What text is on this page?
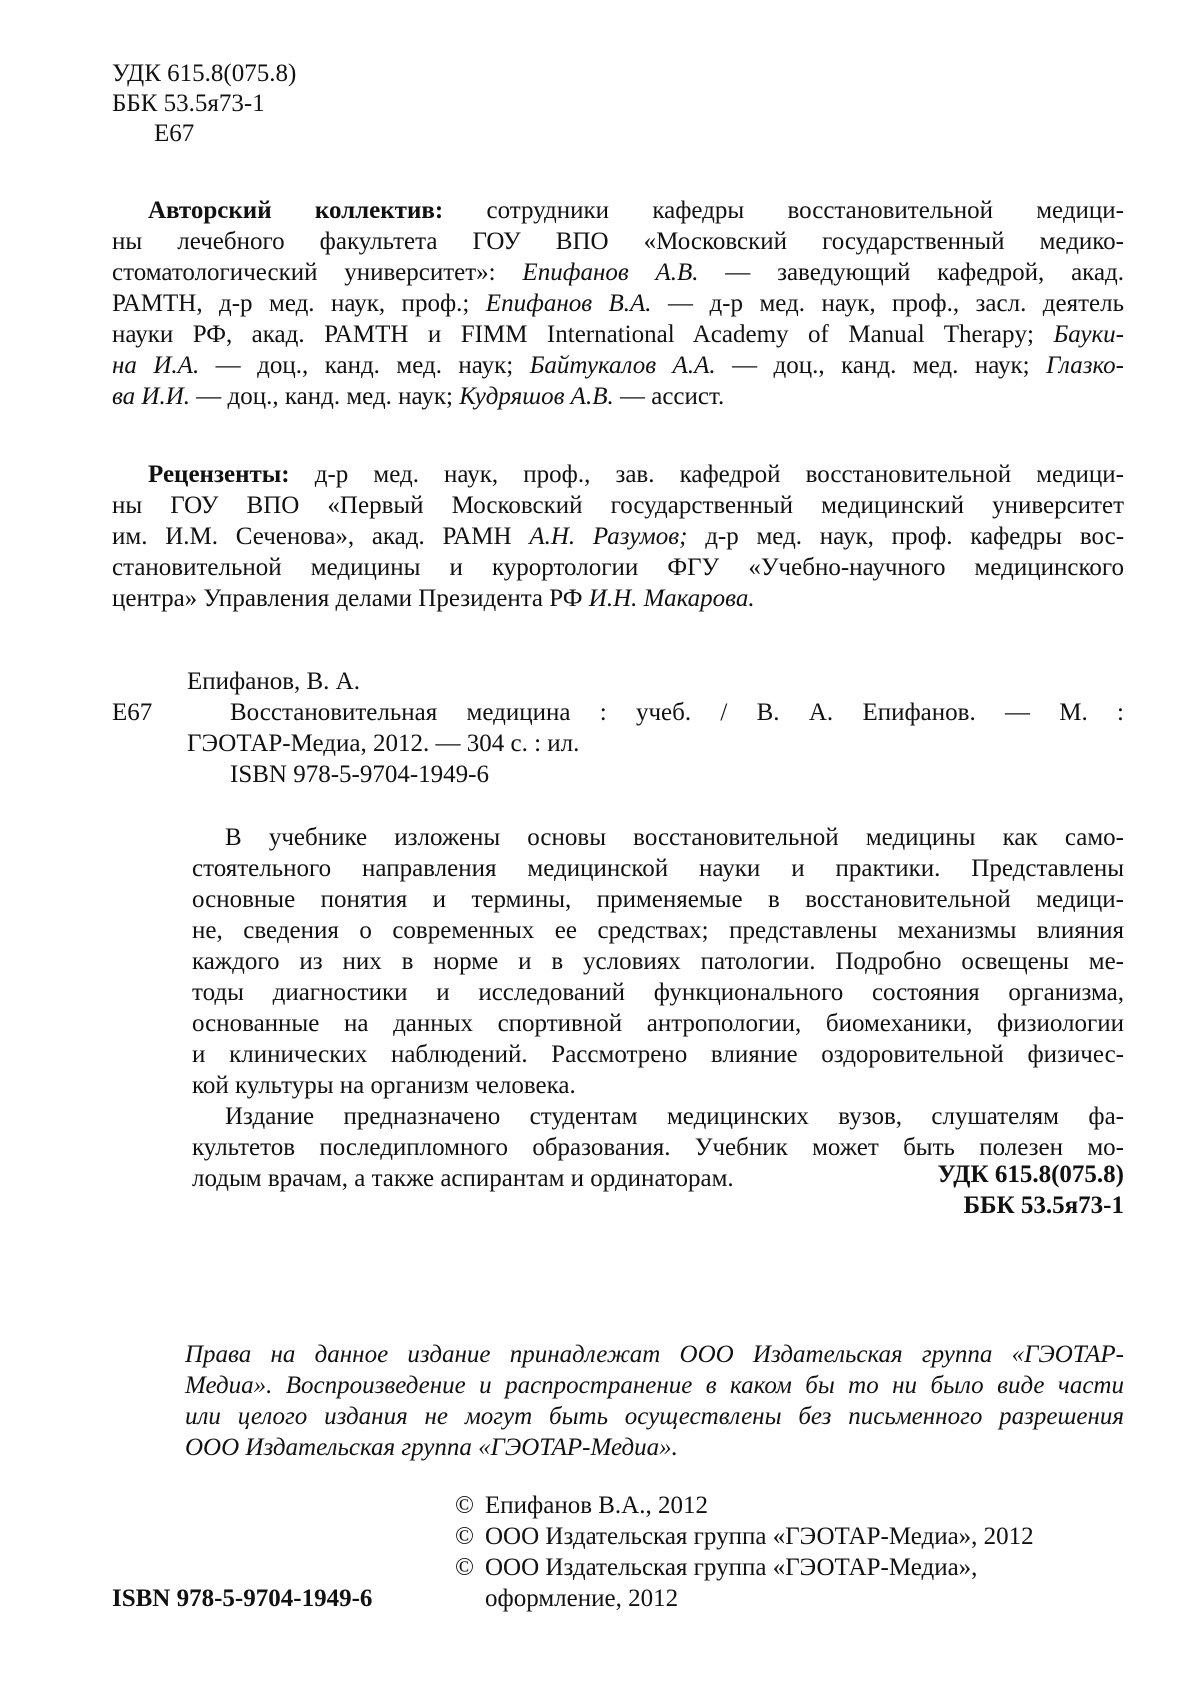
УДК 615.8(075.8)
ББК 53.5я73-1
Е67
Авторский коллектив: сотрудники кафедры восстановительной медици-
ны лечебного факультета ГОУ ВПО «Московский государственный медико-
стоматологический университет»: Епифанов А.В. — заведующий кафедрой, акад.
РАМТН, д-р мед. наук, проф.; Епифанов В.А. — д-р мед. наук, проф., засл. деятель
науки РФ, акад. РАМТН и FIMM International Academy of Manual Therapy; Бауки-
на И.А. — доц., канд. мед. наук; Байтукалов А.А. — доц., канд. мед. наук; Глазко-
ва И.И. — доц., канд. мед. наук; Кудряшов А.В. — ассист.
Рецензенты: д-р мед. наук, проф., зав. кафедрой восстановительной медици-
ны ГОУ ВПО «Первый Московский государственный медицинский университет
им. И.М. Сеченова», акад. РАМН А.Н. Разумов; д-р мед. наук, проф. кафедры вос-
становительной медицины и курортологии ФГУ «Учебно-научного медицинского
центра» Управления делами Президента РФ И.Н. Макарова.
Епифанов, В. А.
Е67	Восстановительная медицина : учеб. / В. А. Епифанов. — М. :
ГЭОТАР-Медиа, 2012. — 304 с. : ил.
ISBN 978-5-9704-1949-6
В учебнике изложены основы восстановительной медицины как само-
стоятельного направления медицинской науки и практики. Представлены
основные понятия и термины, применяемые в восстановительной медици-
не, сведения о современных ее средствах; представлены механизмы влияния
каждого из них в норме и в условиях патологии. Подробно освещены ме-
тоды диагностики и исследований функционального состояния организма,
основанные на данных спортивной антропологии, биомеханики, физиологии
и клинических наблюдений. Рассмотрено влияние оздоровительной физичес-
кой культуры на организм человека.
Издание предназначено студентам медицинских вузов, слушателям фа-
культетов последипломного образования. Учебник может быть полезен мо-
лодым врачам, а также аспирантам и ординаторам.	УДК 615.8(075.8)
ББК 53.5я73-1
Права на данное издание принадлежат ООО Издательская группа «ГЭОТАР-
Медиа». Воспроизведение и распространение в каком бы то ни было виде части
или целого издания не могут быть осуществлены без письменного разрешения
ООО Издательская группа «ГЭОТАР-Медиа».
© Епифанов В.А., 2012
© ООО Издательская группа «ГЭОТАР-Медиа», 2012
© ООО Издательская группа «ГЭОТАР-Медиа»,
оформление, 2012
ISBN 978-5-9704-1949-6
